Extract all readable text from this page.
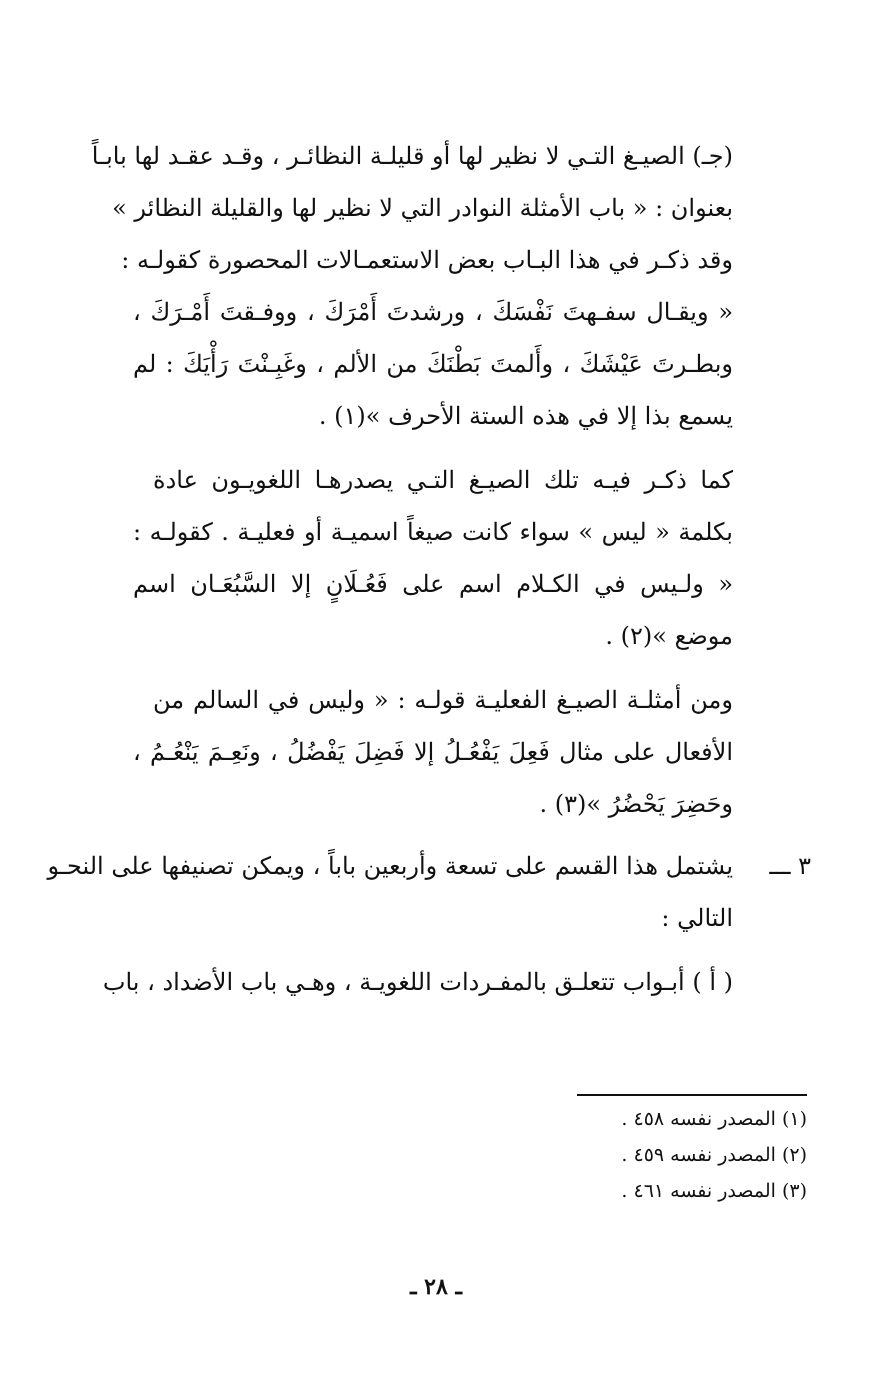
(جـ) الصيـغ التـي لا نظير لها أو قليلـة النظائـر ، وقـد عقـد لها بابـاً
بعنوان : « باب الأمثلة النوادر التي لا نظير لها والقليلة النظائر »
وقد ذكـر في هذا البـاب بعض الاستعمـالات المحصورة كقولـه :
« ويقـال سفـهتَ نَفْسَكَ ، ورشدتَ أَمْرَكَ ، ووفـقتَ أَمْـرَكَ ،
وبطـرتَ عَيْشَكَ ، وأَلمتَ بَطْنَكَ من الألم ، وغَبِـنْتَ رَأْيَكَ : لم
يسمع بذا إلا في هذه الستة الأحرف »(١) .
كما ذكـر فيـه تلك الصيـغ التـي يصدرهـا اللغويـون عادة
بكلمة « ليس » سواء كانت صيغاً اسميـة أو فعليـة . كقولـه :
« ولـيس في الكـلام اسم على فَعُـلَانٍ إلا السَّبُعَـان اسم
موضع »(٢) .
ومن أمثلـة الصيـغ الفعليـة قولـه : « وليس في السالم من
الأفعال على مثال فَعِلَ يَفْعُـلُ إلا فَضِلَ يَفْضُلُ ، ونَعِـمَ يَنْعُـمُ ،
وحَضِرَ يَحْضُرُ »(٣) .
٣ ـــ
يشتمل هذا القسم على تسعة وأربعين باباً ، ويمكن تصنيفها على النحـو
التالي :
( أ ) أبـواب تتعلـق بالمفـردات اللغويـة ، وهـي باب الأضداد ، باب
(١) المصدر نفسه ٤٥٨ .
(٢) المصدر نفسه ٤٥٩ .
(٣) المصدر نفسه ٤٦١ .
ـ ٢٨ ـ
